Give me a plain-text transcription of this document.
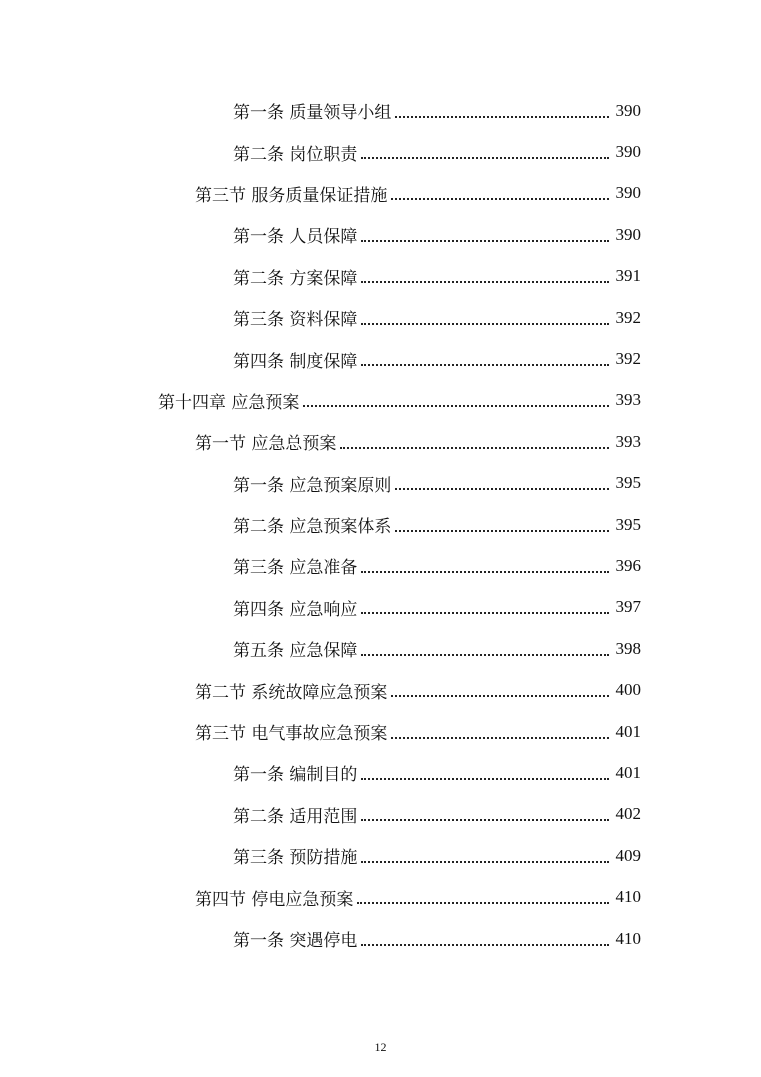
第一条 质量领导小组	390
第二条 岗位职责	390
第三节 服务质量保证措施	390
第一条 人员保障	390
第二条 方案保障	391
第三条 资料保障	392
第四条 制度保障	392
第十四章 应急预案	393
第一节 应急总预案	393
第一条 应急预案原则	395
第二条 应急预案体系	395
第三条 应急准备	396
第四条 应急响应	397
第五条 应急保障	398
第二节 系统故障应急预案	400
第三节 电气事故应急预案	401
第一条 编制目的	401
第二条 适用范围	402
第三条 预防措施	409
第四节 停电应急预案	410
第一条 突遇停电	410
12
